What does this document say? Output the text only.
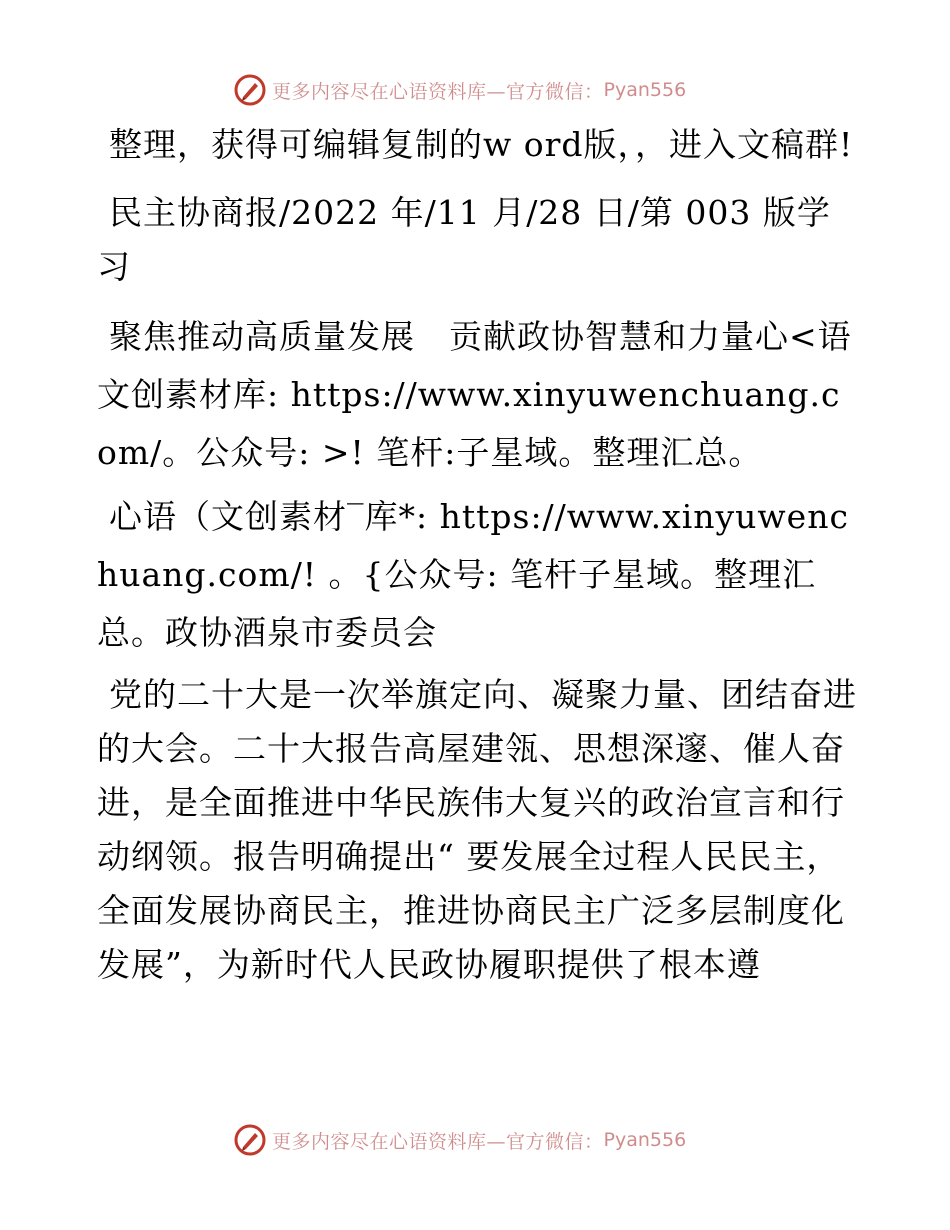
更多内容尽在心语资料库—官方微信： Pyan556

整理，获得可编辑复制的w ord版，，进入文稿群!

民主协商报/2022 年/11 月/28 日/第 003 版学习

聚焦推动高质量发展　贡献政协智慧和力量心<语文创素材库: https://www.xinyuwenchuang.com/。公众号: >! 笔杆:子星域。整理汇总。

心语（文创素材‾库*: https://www.xinyuwenchuang.com/! 。{公众号: 笔杆子星域。整理汇总。政协酒泉市委员会

党的二十大是一次举旗定向、凝聚力量、团结奋进的大会。二十大报告高屋建瓴、思想深邃、催人奋进，是全面推进中华民族伟大复兴的政治宣言和行动纲领。报告明确提出“ 要发展全过程人民民主，全面发展协商民主，推进协商民主广泛多层制度化发展”，为新时代人民政协履职提供了根本遵

更多内容尽在心语资料库—官方微信： Pyan556
